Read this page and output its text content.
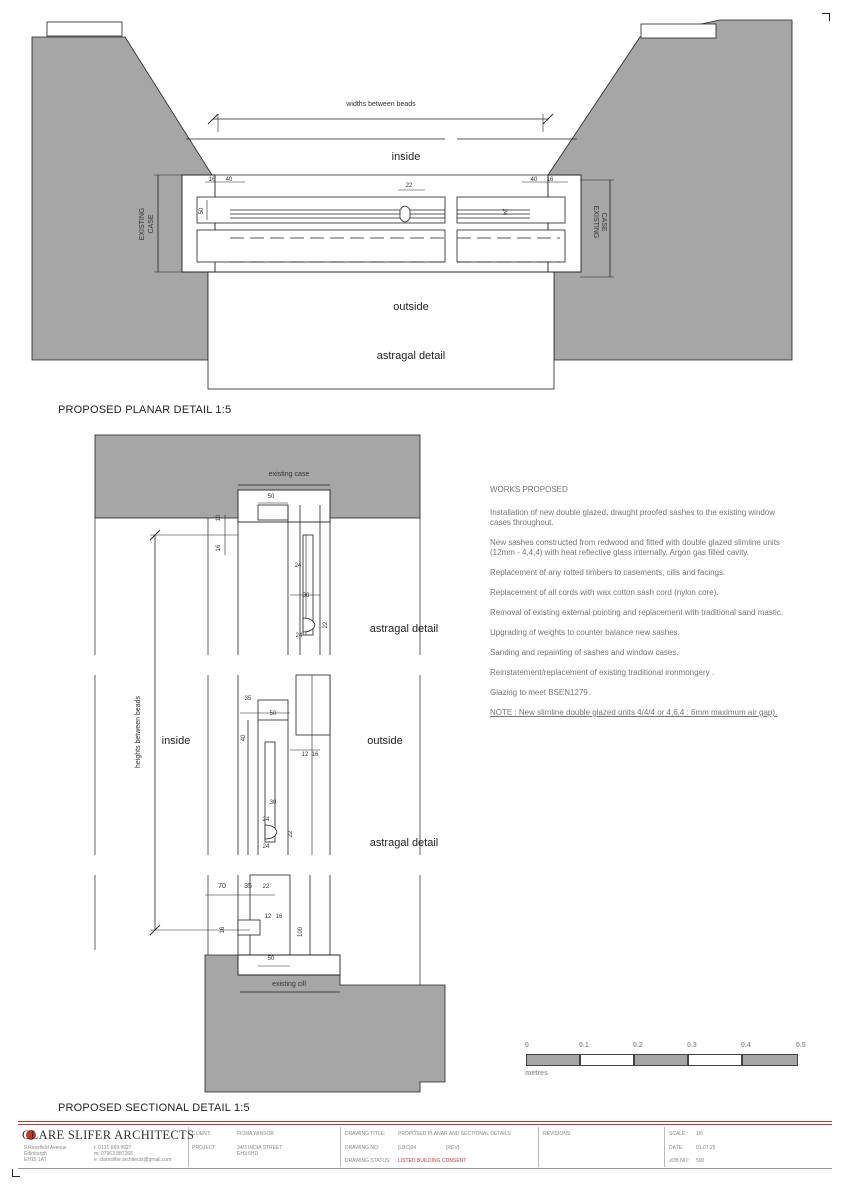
widths between beads
inside
outside
astragal detail
EXISTING CASE	EXISTING CASE
16 40
22
40 16
50	24
PROPOSED PLANAR DETAIL 1:5
existing case
existing cill
heights between beads inside	outside
astragal detail
astragal detail
50
10
16
24
30
24
22
35
50
40
12 16
30
24
22
24
70	35 22
12 16
16	100
50
PROPOSED SECTIONAL DETAIL 1:5

WORKS PROPOSED

Installation of new double glazed, draught proofed sashes to the existing window cases throughout.

New sashes constructed from redwood and fitted with double glazed slimline units (12mm - 4,4,4) with heat reflective glass internally. Argon gas filled cavity.

Replacement of any rotted timbers to casements, cills and facings.

Replacement of all cords with wax cotton sash cord (nylon core).

Removal of existing external pointing and replacement with traditional sand mastic.

Upgrading of weights to counter balance new sashes.

Sanding and repainting of sashes and window cases.

Reinstatement/replacement of existing traditional ironmongery .

Glazing to meet BSEN1279.

NOTE : New slimline double glazed units 4/4/4 or 4,6,4 : 6mm maximum air gap).

0	0.1	0.2	0.3	0.4	0.5
metres
CLARE SLIFER ARCHITECTS
9 Rossfield Avenue
Edinburgh
EH15 1AT
t: 0131 669 9027
m: 07963 887266
e: clareslifer.architects@gmail.com
CLIENT:	FIONA WINSOR
PROJECT:	34/3 INDIA STREET
EH3 6HD
DRAWING TITLE:	PROPOSED PLANAR AND SECTIONAL DETAILS
DRAWING NO:	[LBC]04	[REV]-
DRAWING STATUS: LISTED BUILDING CONSENT
REVISIONS:	SCALE: 1/5
DATE:	01.07.25
JOB NO: 500
